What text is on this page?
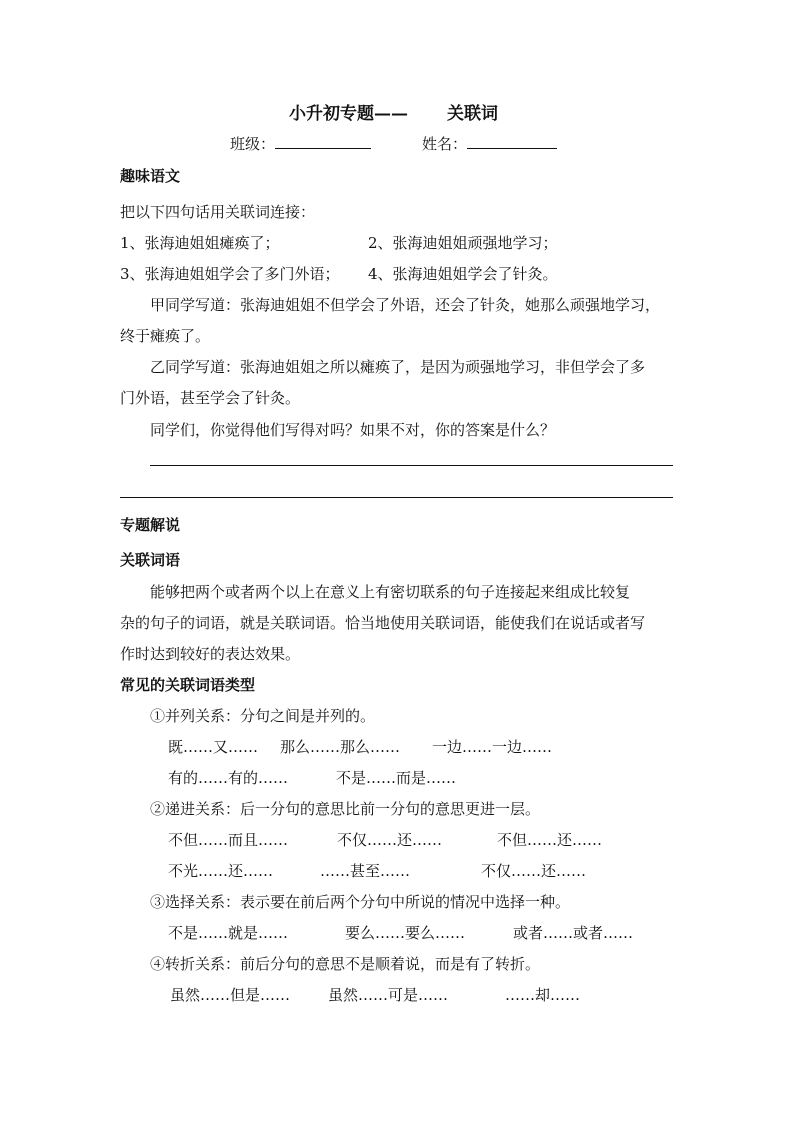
小升初专题—— 关联词
班级：	姓名：
趣味语文
把以下四句话用关联词连接：
1、张海迪姐姐瘫痪了；	2、张海迪姐姐顽强地学习；
3、张海迪姐姐学会了多门外语； 4、张海迪姐姐学会了针灸。
甲同学写道：张海迪姐姐不但学会了外语，还会了针灸，她那么顽强地学习，
终于瘫痪了。
乙同学写道：张海迪姐姐之所以瘫痪了，是因为顽强地学习，非但学会了多
门外语，甚至学会了针灸。
同学们，你觉得他们写得对吗？如果不对，你的答案是什么？
专题解说
关联词语
能够把两个或者两个以上在意义上有密切联系的句子连接起来组成比较复
杂的句子的词语，就是关联词语。恰当地使用关联词语，能使我们在说话或者写
作时达到较好的表达效果。
常见的关联词语类型
①并列关系：分句之间是并列的。
既……又…… 那么……那么…… 一边……一边……
有的……有的……	不是……而是……
②递进关系：后一分句的意思比前一分句的意思更进一层。
不但……而且……	不仅……还……	不但……还……
不光……还……	……甚至……	不仅……还……
③选择关系：表示要在前后两个分句中所说的情况中选择一种。
不是……就是……	要么……要么……	或者……或者……
④转折关系：前后分句的意思不是顺着说，而是有了转折。
虽然……但是……	虽然……可是……	……却……
